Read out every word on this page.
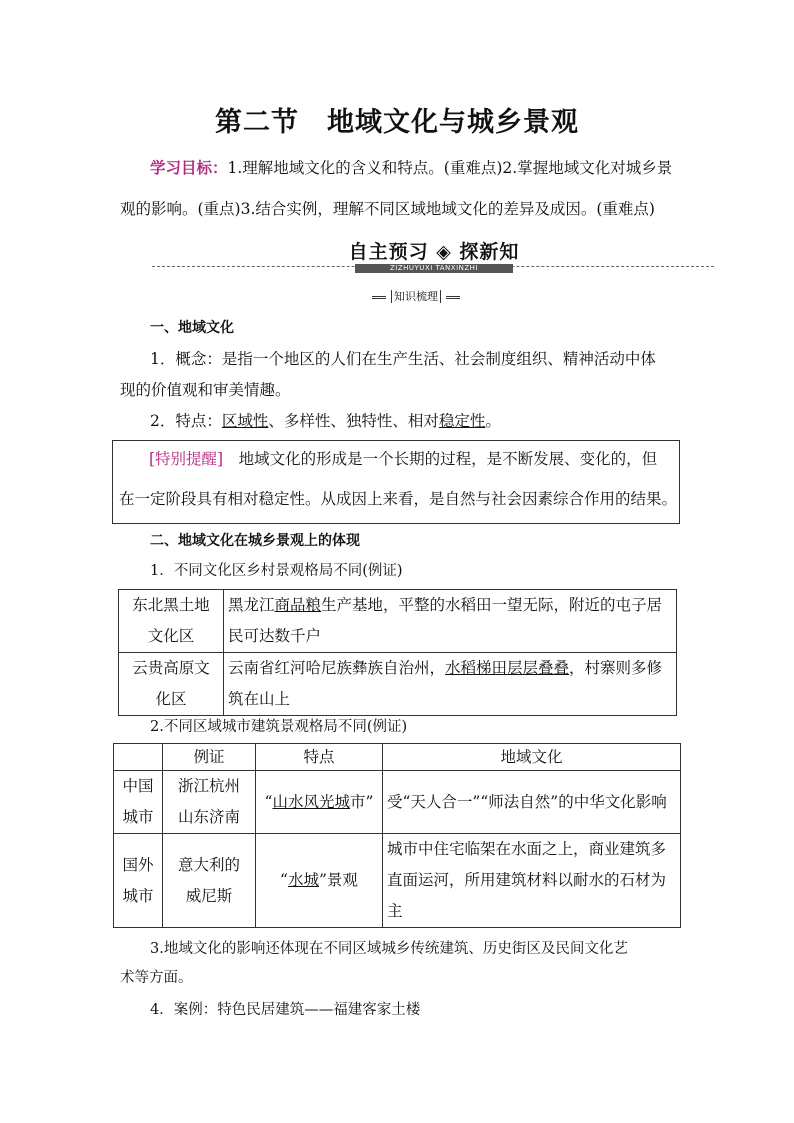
第二节　地域文化与城乡景观
学习目标：1.理解地域文化的含义和特点。(重难点)2.掌握地域文化对城乡景观的影响。(重点)3.结合实例，理解不同区域地域文化的差异及成因。(重难点)
自主预习 ◈ 探新知
ZIZHUYUXI TANXINZHI
知识梳理
一、地域文化
1．概念：是指一个地区的人们在生产生活、社会制度组织、精神活动中体
现的价值观和审美情趣。
2．特点：区域性、多样性、独特性、相对稳定性。
[特别提醒]　地域文化的形成是一个长期的过程，是不断发展、变化的，但
在一定阶段具有相对稳定性。从成因上来看，是自然与社会因素综合作用的结果。
二、地域文化在城乡景观上的体现
1．不同文化区乡村景观格局不同(例证)
东北黑土地
文化区	黑龙江商品粮生产基地，平整的水稻田一望无际，附近的屯子居民可达数千户
云贵高原文
化区	云南省红河哈尼族彝族自治州，水稻梯田层层叠叠，村寨则多修筑在山上
2.不同区域城市建筑景观格局不同(例证)
	例证	特点	地域文化
中国
城市	浙江杭州
山东济南	“山水风光城市”	受“天人合一”“师法自然”的中华文化影响
国外
城市	意大利的
威尼斯	“水城”景观	城市中住宅临架在水面之上，商业建筑多直面运河，所用建筑材料以耐水的石材为主
3.地域文化的影响还体现在不同区域城乡传统建筑、历史街区及民间文化艺
术等方面。
4．案例：特色民居建筑——福建客家土楼
